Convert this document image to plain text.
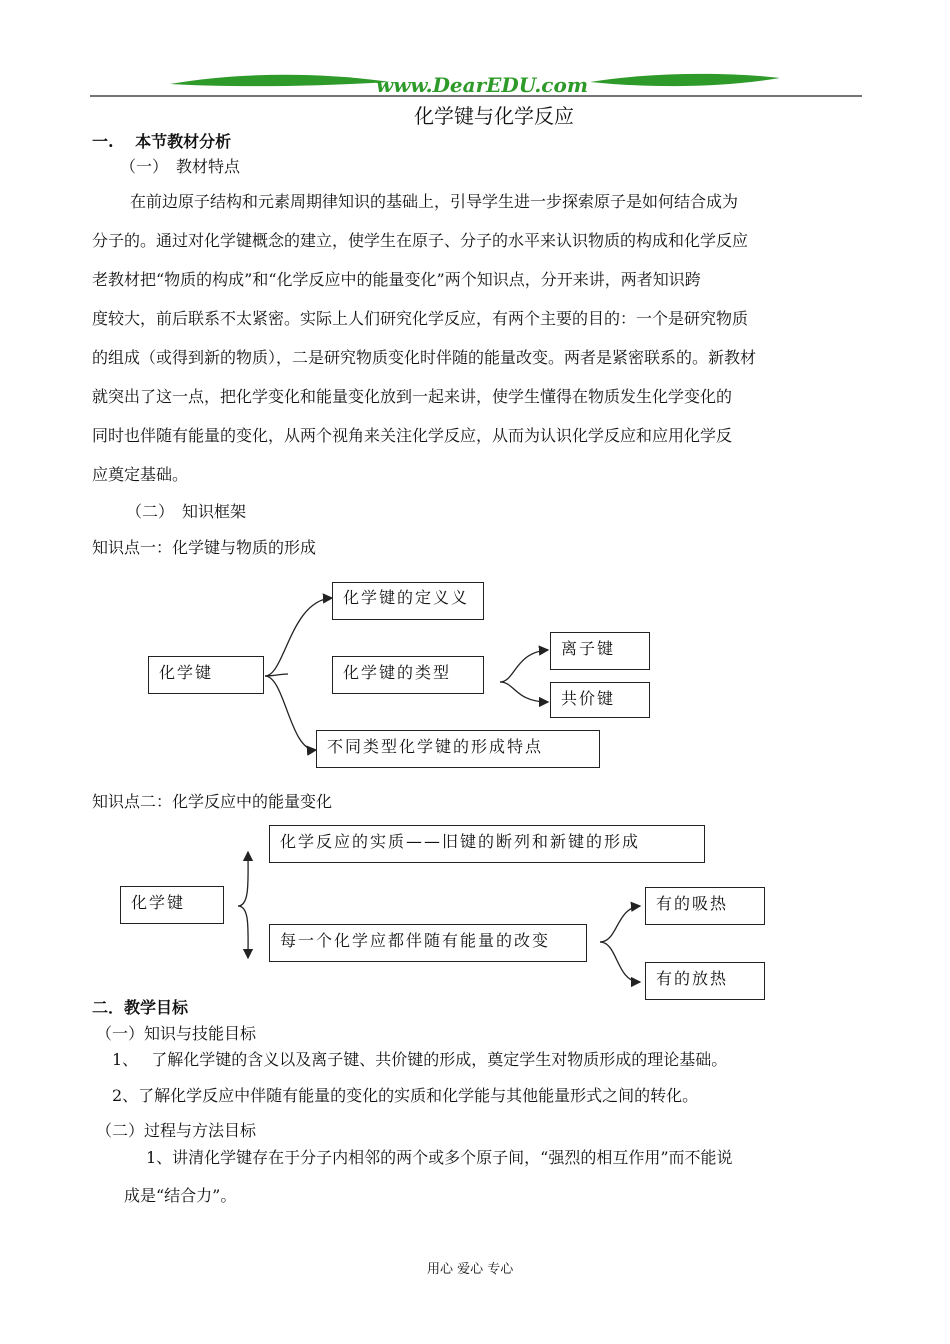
www.DearEDU.com
化学键与化学反应
一.　 本节教材分析
（一）　教材特点
在前边原子结构和元素周期律知识的基础上，引导学生进一步探索原子是如何结合成为
分子的。通过对化学键概念的建立，使学生在原子、分子的水平来认识物质的构成和化学反应
老教材把“物质的构成”和“化学反应中的能量变化”两个知识点，分开来讲，两者知识跨
度较大，前后联系不太紧密。实际上人们研究化学反应，有两个主要的目的：一个是研究物质
的组成（或得到新的物质），二是研究物质变化时伴随的能量改变。两者是紧密联系的。新教材
就突出了这一点，把化学变化和能量变化放到一起来讲，使学生懂得在物质发生化学变化的
同时也伴随有能量的变化，从两个视角来关注化学反应，从而为认识化学反应和应用化学反
应奠定基础。
（二）　知识框架
知识点一：化学键与物质的形成
化学键
化学键的定义义
化学键的类型
离子键
共价键
不同类型化学键的形成特点
知识点二：化学反应中的能量变化
化学键
化学反应的实质——旧键的断列和新键的形成
每一个化学应都伴随有能量的改变
有的吸热
有的放热
二．教学目标
（一）知识与技能目标
1、　 了解化学键的含义以及离子键、共价键的形成，奠定学生对物质形成的理论基础。
2、了解化学反应中伴随有能量的变化的实质和化学能与其他能量形式之间的转化。
（二）过程与方法目标
1、讲清化学键存在于分子内相邻的两个或多个原子间，“强烈的相互作用”而不能说
成是“结合力”。
用心 爱心 专心
